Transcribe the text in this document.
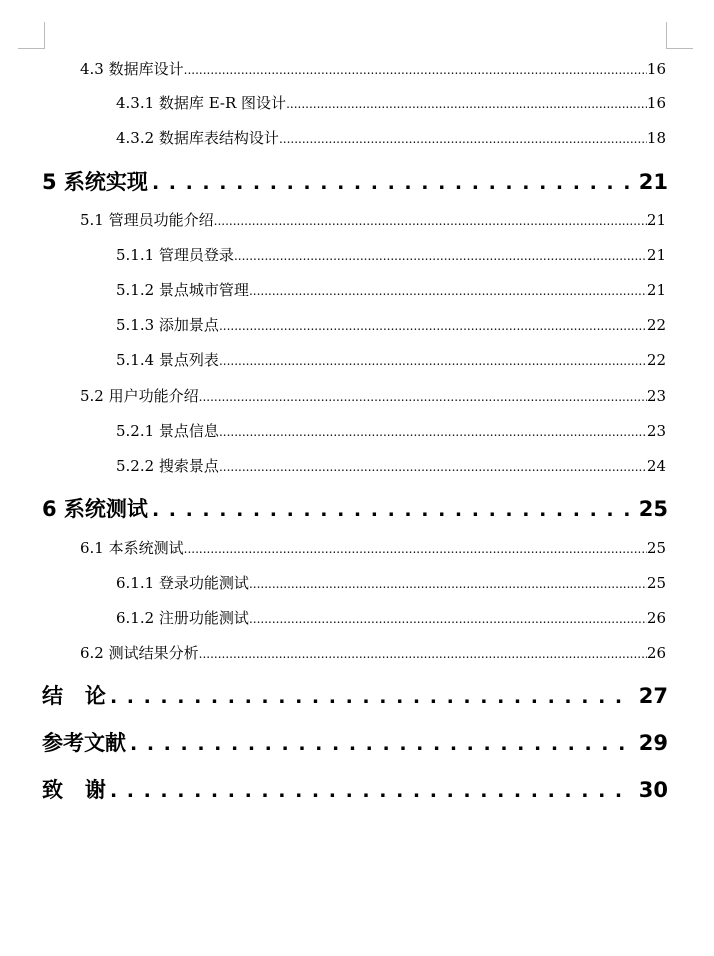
4.3 数据库设计 .....	16
4.3.1 数据库 E-R 图设计 .....	16
4.3.2 数据库表结构设计 .....	18
5 系统实现 . . .	21
5.1 管理员功能介绍 .....	21
5.1.1 管理员登录 .....	21
5.1.2 景点城市管理 .....	21
5.1.3 添加景点 .....	22
5.1.4 景点列表 .....	22
5.2 用户功能介绍 .....	23
5.2.1 景点信息 .....	23
5.2.2 搜索景点 .....	24
6 系统测试 . . .	25
6.1 本系统测试 .....	25
6.1.1 登录功能测试 .....	25
6.1.2 注册功能测试 .....	26
6.2 测试结果分析 .....	26
结   论 . . .	27
参考文献 . . .	29
致   谢 . . .	30
